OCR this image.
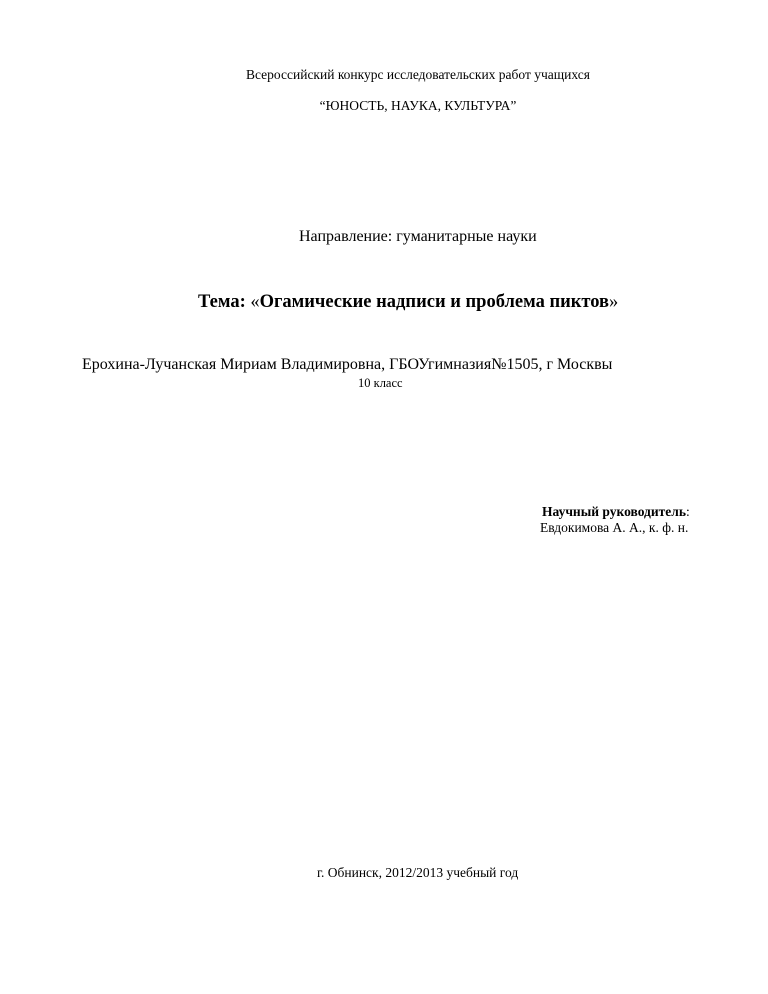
Всероссийский конкурс исследовательских работ учащихся
“ЮНОСТЬ, НАУКА, КУЛЬТУРА”
Направление: гуманитарные науки
Тема: «Огамические надписи и проблема пиктов»
Ерохина-Лучанская Мириам Владимировна, ГБОУгимназия№1505, г Москвы
10 класс
Научный руководитель:
Евдокимова А. А., к. ф. н.
г. Обнинск, 2012/2013 учебный год
